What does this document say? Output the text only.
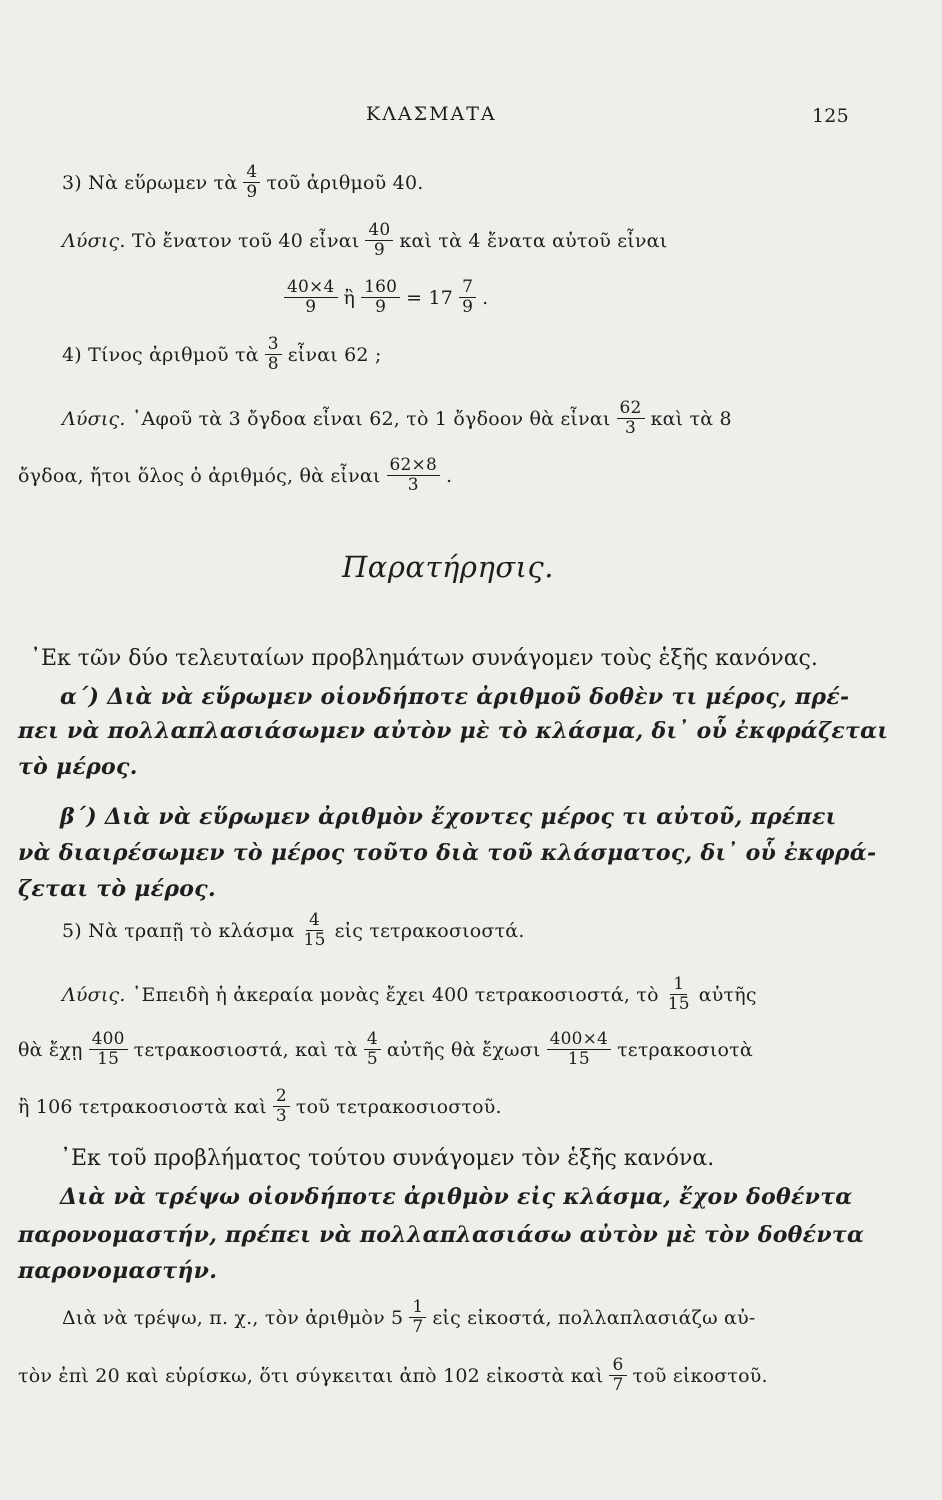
ΚΛΑΣΜΑΤΑ	125
3) Νὰ εὕρωμεν τὰ $\frac{4}{9}$ τοῦ ἀριθμοῦ 40.
Λύσις.
Τὸ ἔνατον τοῦ 40 εἶναι $\frac{40}{9}$ καὶ τὰ 4 ἔνατα αὐτοῦ εἶναι
$\frac{40\times 4}{9}$ ἢ $\frac{160}{9} = 17 \frac{7}{9}$ .
4) Τίνος ἀριθμοῦ τὰ $\frac{3}{8}$ εἶναι 62 ;
Λύσις.
᾿Αφοῦ τὰ 3 ὄγδοα εἶναι 62, τὸ 1 ὄγδοον θὰ εἶναι $\frac{62}{3}$ καὶ τὰ 8
ὄγδοα, ἤτοι ὅλος ὁ ἀριθμός, θὰ εἶναι $\frac{62\times 8}{3}$ .
Παρατήρησις.
᾿Εκ τῶν δύο τελευταίων προβλημάτων συνάγομεν τοὺς ἑξῆς κανόνας.
α΄) Διὰ νὰ εὕρωμεν οἱονδήποτε ἀριθμοῦ δοθὲν τι μέρος, πρέ-
πει νὰ πολλαπλασιάσωμεν αὐτὸν μὲ τὸ κλάσμα, δι᾿ οὗ ἐκφράζεται
τὸ μέρος.
β΄) Διὰ νὰ εὕρωμεν ἀριθμὸν ἔχοντες μέρος τι αὐτοῦ, πρέπει
νὰ διαιρέσωμεν τὸ μέρος τοῦτο διὰ τοῦ κλάσματος, δι᾿ οὗ ἐκφρά-
ζεται τὸ μέρος.
5) Νὰ τραπῇ τὸ κλάσμα $\frac{4}{15}$ εἰς τετρακοσιοστά.
Λύσις.
᾿Επειδὴ ἡ ἀκεραία μονὰς ἔχει 400 τετρακοσιοστά, τὸ $\frac{1}{15}$ αὐτῆς
θὰ ἔχῃ $\frac{400}{15} \tau\varepsilon\tau\rho\alpha\kappa o\sigma\iota o\sigma\tau ά$, καὶ τὰ $\frac{4}{5}$ αὐτῆς θὰ ἔχωσι $\frac{400\times 4}{15}$ τετρακοσιοτὰ
ἢ 106 τετρακοσιοστὰ καὶ $\frac{2}{3}$ τοῦ τετρακοσιοστοῦ.
᾿Εκ τοῦ προβλήματος τούτου συνάγομεν τὸν ἑξῆς κανόνα.
Διὰ νὰ τρέψω οἱονδήποτε ἀριθμὸν εἰς κλάσμα, ἔχον δοθέντα
παρονομαστήν, πρέπει νὰ πολλαπλασιάσω αὐτὸν μὲ τὸν δοθέντα
παρονομαστήν.
Διὰ νὰ τρέψω, π. χ., τὸν ἀριθμὸν $5 \frac{1}{7}$ εἰς εἰκοστά, πολλαπλασιάζω αὐ-
τὸν ἐπὶ 20 καὶ εὑρίσκω, ὅτι σύγκειται ἀπὸ 102 εἰκοστὰ καὶ $\frac{6}{7}$ τοῦ εἰκοστοῦ.
